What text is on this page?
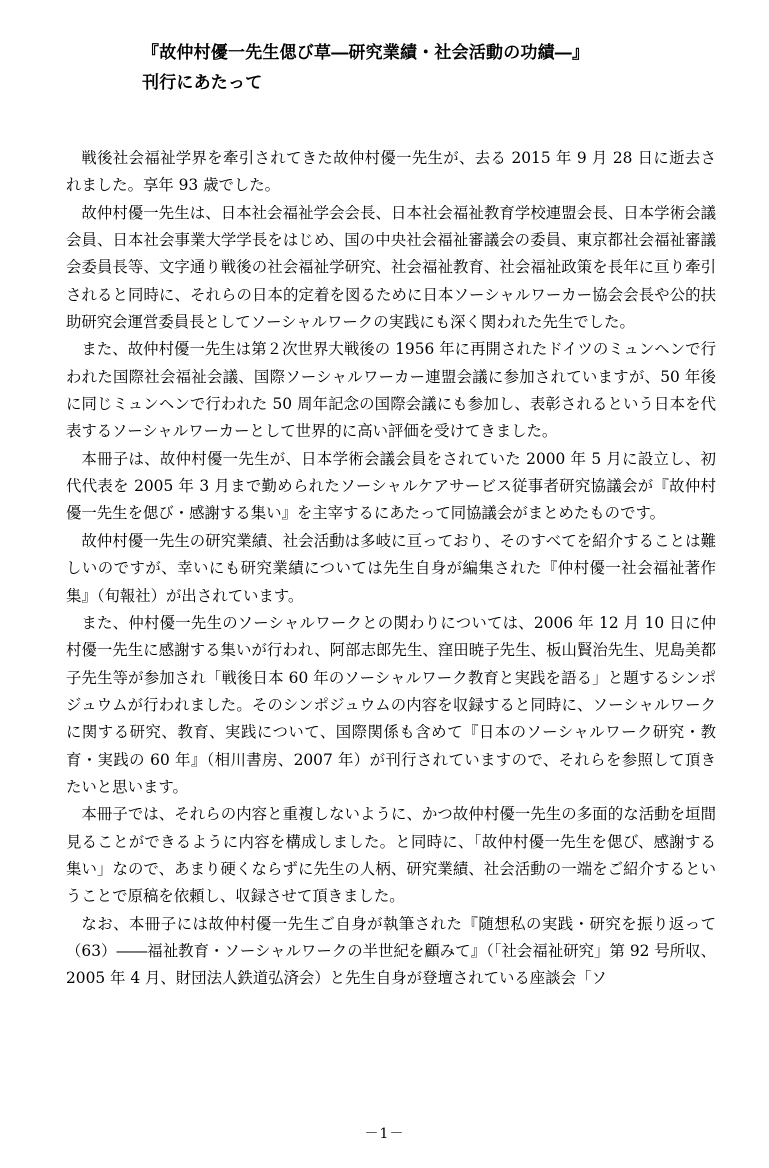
『故仲村優一先生偲び草―研究業績・社会活動の功績―』
刊行にあたって

戦後社会福祉学界を牽引されてきた故仲村優一先生が、去る 2015 年 9 月 28 日に逝去されました。享年 93 歳でした。

故仲村優一先生は、日本社会福祉学会会長、日本社会福祉教育学校連盟会長、日本学術会議会員、日本社会事業大学学長をはじめ、国の中央社会福祉審議会の委員、東京都社会福祉審議会委員長等、文字通り戦後の社会福祉学研究、社会福祉教育、社会福祉政策を長年に亘り牽引されると同時に、それらの日本的定着を図るために日本ソーシャルワーカー協会会長や公的扶助研究会運営委員長としてソーシャルワークの実践にも深く関われた先生でした。

また、故仲村優一先生は第２次世界大戦後の 1956 年に再開されたドイツのミュンヘンで行われた国際社会福祉会議、国際ソーシャルワーカー連盟会議に参加されていますが、50 年後に同じミュンヘンで行われた 50 周年記念の国際会議にも参加し、表彰されるという日本を代表するソーシャルワーカーとして世界的に高い評価を受けてきました。

本冊子は、故仲村優一先生が、日本学術会議会員をされていた 2000 年 5 月に設立し、初代代表を 2005 年 3 月まで勤められたソーシャルケアサービス従事者研究協議会が『故仲村優一先生を偲び・感謝する集い』を主宰するにあたって同協議会がまとめたものです。

故仲村優一先生の研究業績、社会活動は多岐に亘っており、そのすべてを紹介することは難しいのですが、幸いにも研究業績については先生自身が編集された『仲村優一社会福祉著作集』（旬報社）が出されています。

また、仲村優一先生のソーシャルワークとの関わりについては、2006 年 12 月 10 日に仲村優一先生に感謝する集いが行われ、阿部志郎先生、窪田暁子先生、板山賢治先生、児島美都子先生等が参加され「戦後日本 60 年のソーシャルワーク教育と実践を語る」と題するシンポジュウムが行われました。そのシンポジュウムの内容を収録すると同時に、ソーシャルワークに関する研究、教育、実践について、国際関係も含めて『日本のソーシャルワーク研究・教育・実践の 60 年』（相川書房、2007 年）が刊行されていますので、それらを参照して頂きたいと思います。

本冊子では、それらの内容と重複しないように、かつ故仲村優一先生の多面的な活動を垣間見ることができるように内容を構成しました。と同時に、「故仲村優一先生を偲び、感謝する集い」なので、あまり硬くならずに先生の人柄、研究業績、社会活動の一端をご紹介するということで原稿を依頼し、収録させて頂きました。

なお、本冊子には故仲村優一先生ご自身が執筆された『随想私の実践・研究を振り返って（63）――福祉教育・ソーシャルワークの半世紀を顧みて』（「社会福祉研究」第 92 号所収、2005 年 4 月、財団法人鉄道弘済会）と先生自身が登壇されている座談会「ソ

－1－
